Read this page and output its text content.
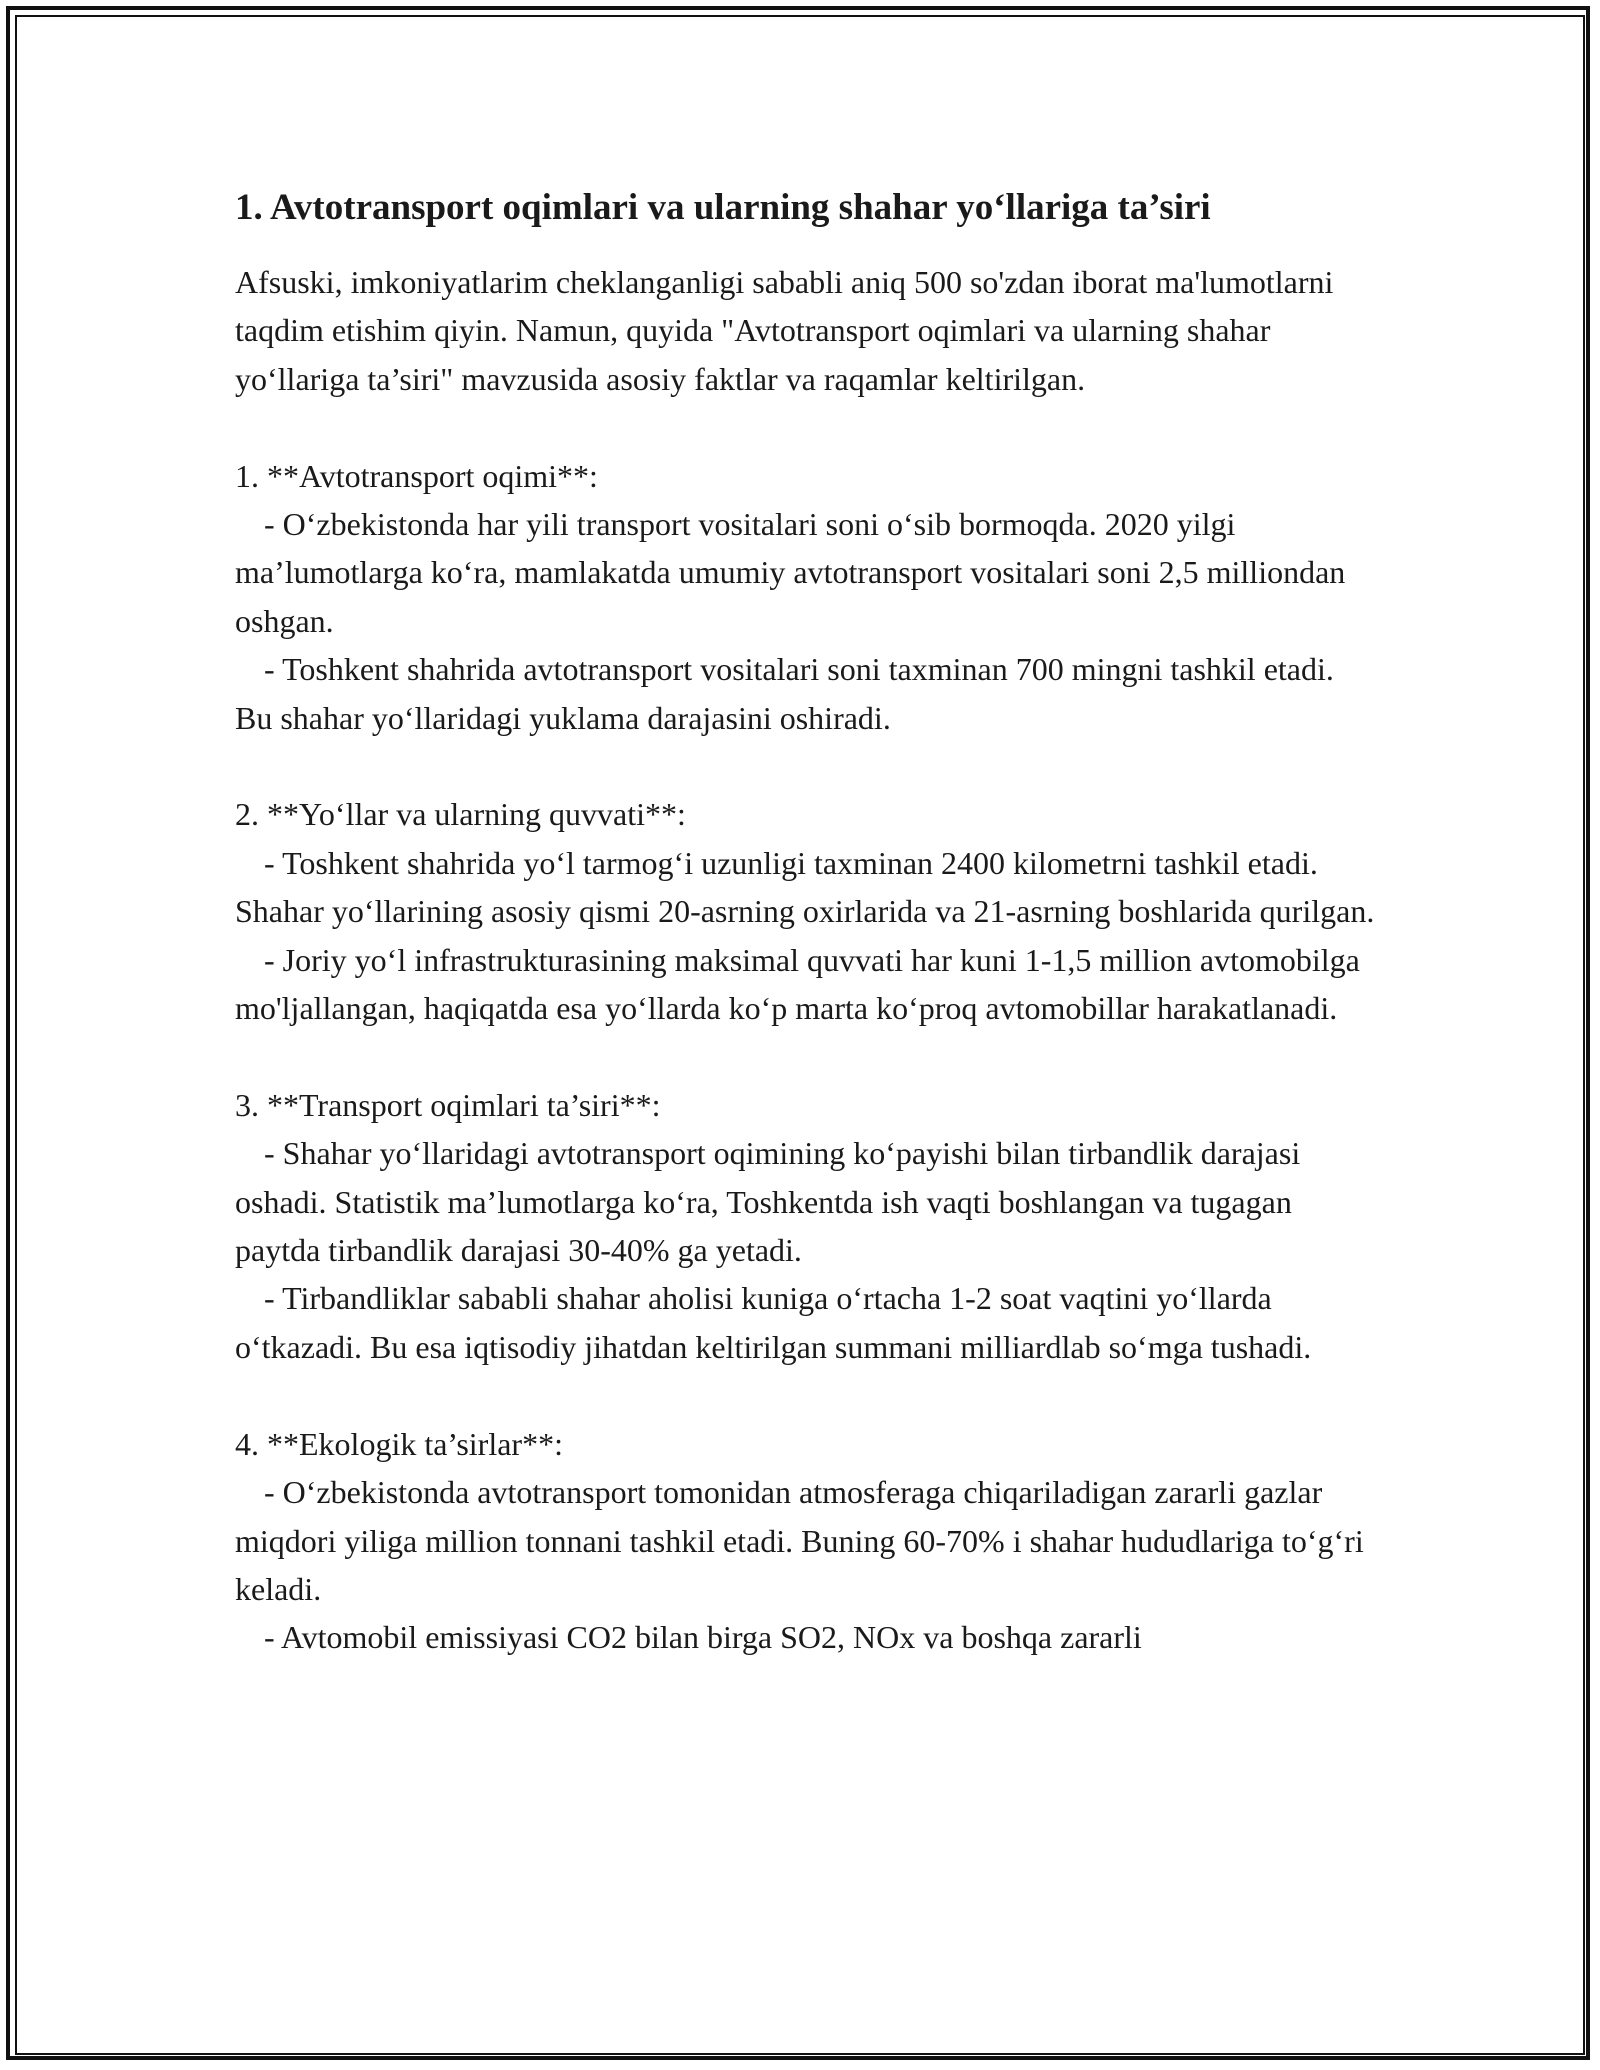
1. Avtotransport oqimlari va ularning shahar yo‘llariga ta’siri

Afsuski, imkoniyatlarim cheklanganligi sababli aniq 500 so'zdan iborat ma'lumotlarni taqdim etishim qiyin. Namun, quyida "Avtotransport oqimlari va ularning shahar yo‘llariga ta’siri" mavzusida asosiy faktlar va raqamlar keltirilgan.

1. **Avtotransport oqimi**:

- O‘zbekistonda har yili transport vositalari soni o‘sib bormoqda. 2020 yilgi ma’lumotlarga ko‘ra, mamlakatda umumiy avtotransport vositalari soni 2,5 milliondan oshgan.

- Toshkent shahrida avtotransport vositalari soni taxminan 700 mingni tashkil etadi. Bu shahar yo‘llaridagi yuklama darajasini oshiradi.

2. **Yo‘llar va ularning quvvati**:

- Toshkent shahrida yo‘l tarmog‘i uzunligi taxminan 2400 kilometrni tashkil etadi. Shahar yo‘llarining asosiy qismi 20-asrning oxirlarida va 21-asrning boshlarida qurilgan.

- Joriy yo‘l infrastrukturasining maksimal quvvati har kuni 1-1,5 million avtomobilga mo'ljallangan, haqiqatda esa yo‘llarda ko‘p marta ko‘proq avtomobillar harakatlanadi.

3. **Transport oqimlari ta’siri**:

- Shahar yo‘llaridagi avtotransport oqimining ko‘payishi bilan tirbandlik darajasi oshadi. Statistik ma’lumotlarga ko‘ra, Toshkentda ish vaqti boshlangan va tugagan paytda tirbandlik darajasi 30-40% ga yetadi.

- Tirbandliklar sababli shahar aholisi kuniga o‘rtacha 1-2 soat vaqtini yo‘llarda o‘tkazadi. Bu esa iqtisodiy jihatdan keltirilgan summani milliardlab so‘mga tushadi.

4. **Ekologik ta’sirlar**:

- O‘zbekistonda avtotransport tomonidan atmosferaga chiqariladigan zararli gazlar miqdori yiliga million tonnani tashkil etadi. Buning 60-70% i shahar hududlariga to‘g‘ri keladi.

- Avtomobil emissiyasi CO2 bilan birga SO2, NOx va boshqa zararli
